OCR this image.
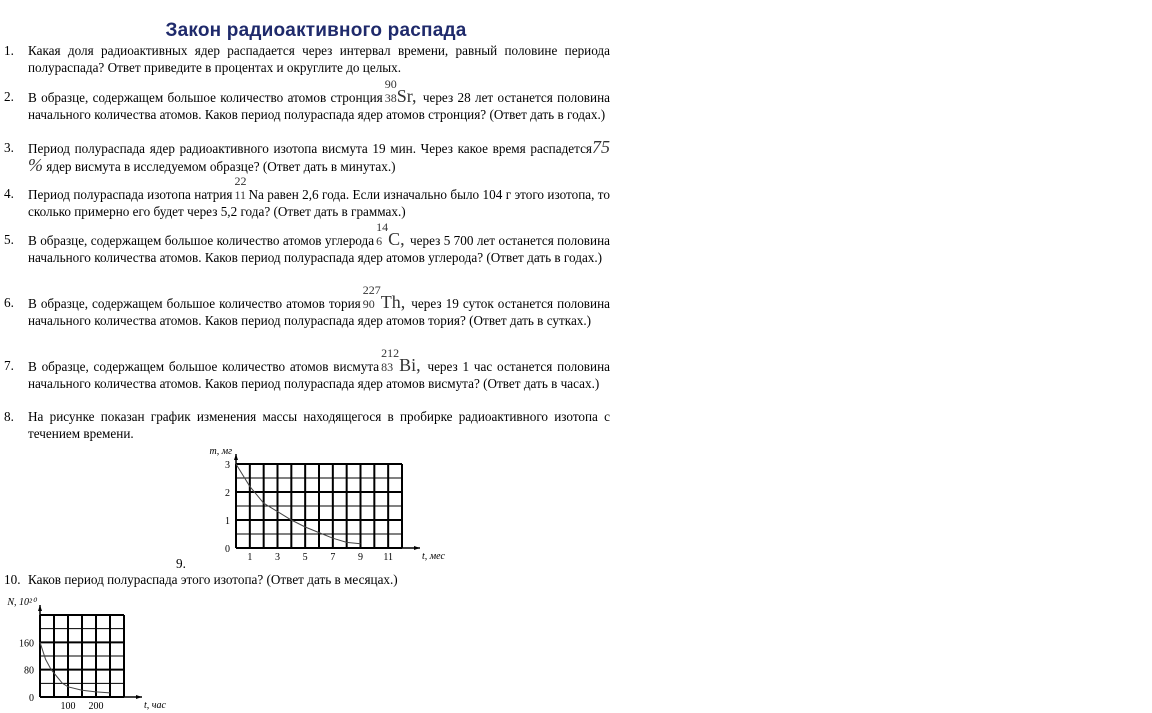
Закон радиоактивного распада
1. Какая доля радиоактивных ядер распадается через интервал времени, равный половине периода полураспада? Ответ приведите в процентах и округлите до целых.
2. В образце, содержащем большое количество атомов стронция
90
38 Sr, через 28 лет останется половина начального количества атомов. Каков период полураспада ядер атомов стронция? (Ответ дать в годах.)
3. Период полураспада ядер радиоактивного изотопа висмута 19 мин. Через какое время распадется75 % ядер висмута в исследуемом образце? (Ответ дать в минутах.)
4. Период полураспада изотопа натрия
22
11 Na равен 2,6 года. Если изначально было 104 г этого изотопа, то сколько примерно его будет через 5,2 года? (Ответ дать в граммах.)
5. В образце, содержащем большое количество атомов углерода
14
6 C, через 5 700 лет останется половина начального количества атомов. Каков период полураспада ядер атомов углерода? (Ответ дать в годах.)
6. В образце, содержащем большое количество атомов тория
227
90 Th, через 19 суток останется половина начального количества атомов. Каков период полураспада ядер атомов тория? (Ответ дать в сутках.)
7. В образце, содержащем большое количество атомов висмута
212
83 Bi, через 1 час останется половина начального количества атомов. Каков период полураспада ядер атомов висмута? (Ответ дать в часах.)
8. На рисунке показан график изменения массы находящегося в пробирке радиоактивного изотопа с течением времени.
10. Каков период полураспада этого изотопа? (Ответ дать в месяцах.)
9.
m, мг
t, мес
0
1
2
3
1 3 5 7 9 11
N, 10²⁰
t, час
0
80
160
100 200
